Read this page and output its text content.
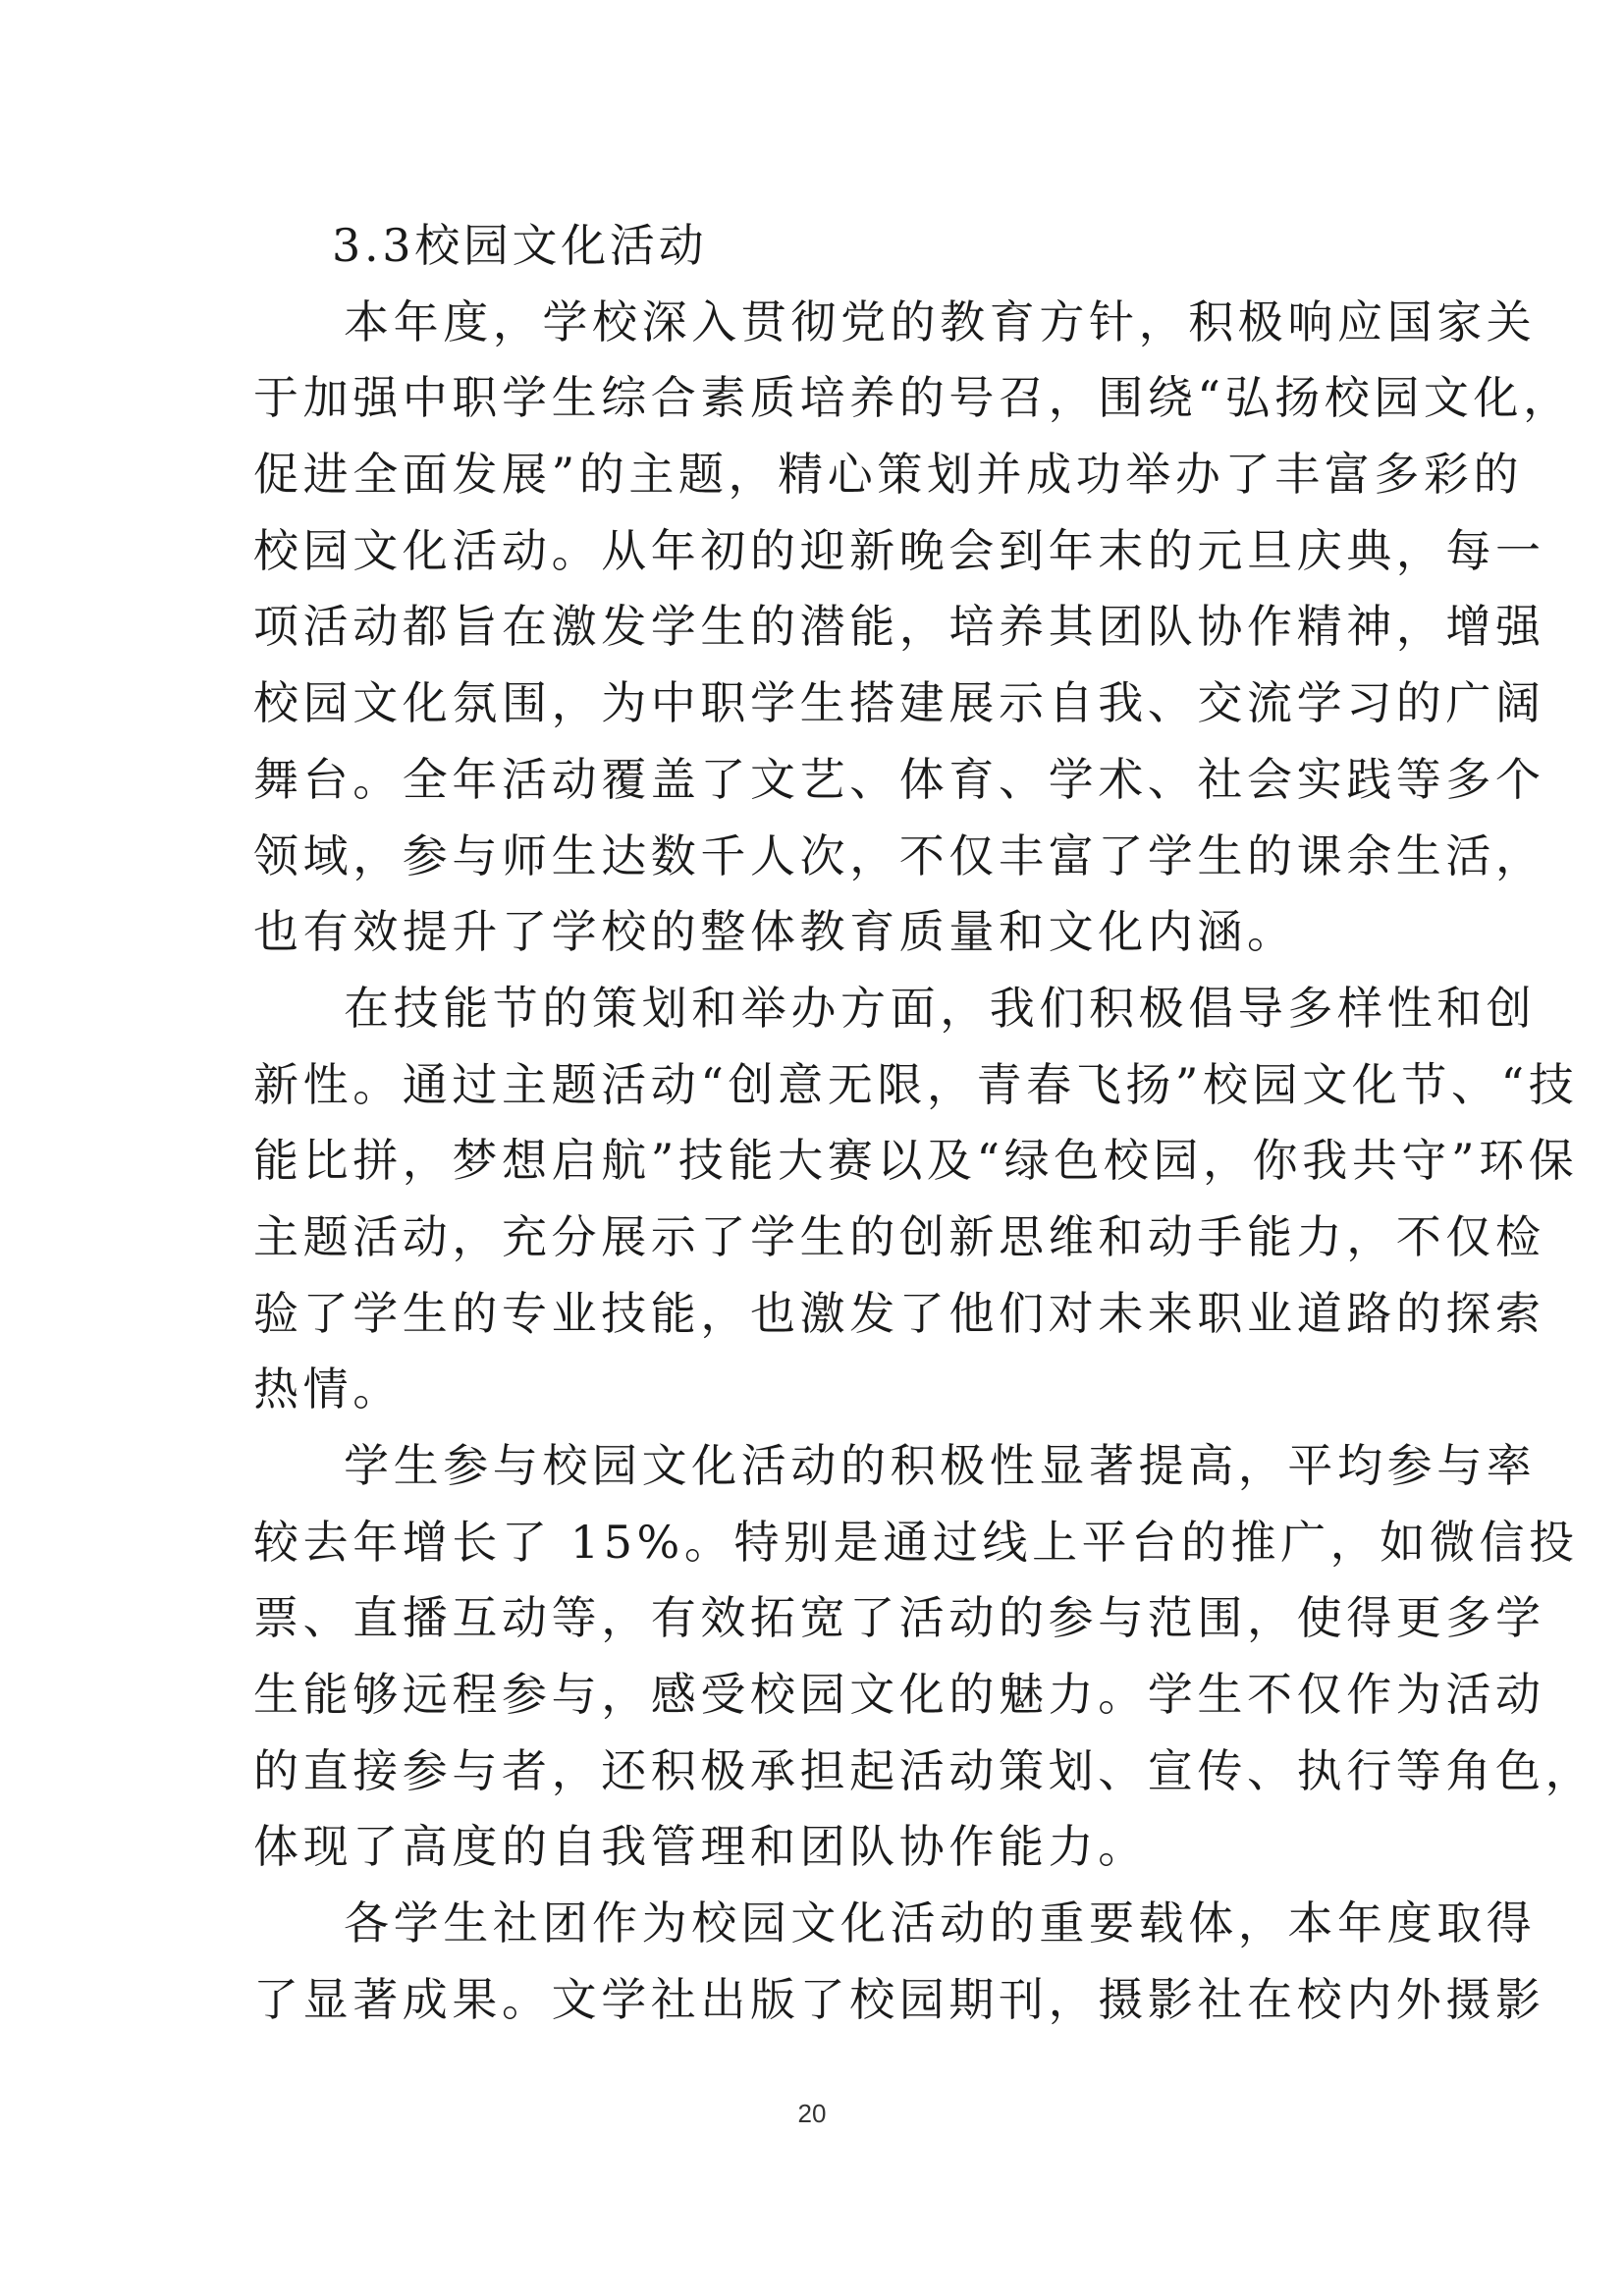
3.3校园文化活动
本年度，学校深入贯彻党的教育方针，积极响应国家关
于加强中职学生综合素质培养的号召，围绕“弘扬校园文化，
促进全面发展”的主题，精心策划并成功举办了丰富多彩的
校园文化活动。从年初的迎新晚会到年末的元旦庆典，每一
项活动都旨在激发学生的潜能，培养其团队协作精神，增强
校园文化氛围，为中职学生搭建展示自我、交流学习的广阔
舞台。全年活动覆盖了文艺、体育、学术、社会实践等多个
领域，参与师生达数千人次，不仅丰富了学生的课余生活，
也有效提升了学校的整体教育质量和文化内涵。
在技能节的策划和举办方面，我们积极倡导多样性和创
新性。通过主题活动“创意无限，青春飞扬”校园文化节、“技
能比拼，梦想启航”技能大赛以及“绿色校园，你我共守”环保
主题活动，充分展示了学生的创新思维和动手能力，不仅检
验了学生的专业技能，也激发了他们对未来职业道路的探索
热情。
学生参与校园文化活动的积极性显著提高，平均参与率
较去年增长了 15%。特别是通过线上平台的推广，如微信投
票、直播互动等，有效拓宽了活动的参与范围，使得更多学
生能够远程参与，感受校园文化的魅力。学生不仅作为活动
的直接参与者，还积极承担起活动策划、宣传、执行等角色，
体现了高度的自我管理和团队协作能力。
各学生社团作为校园文化活动的重要载体，本年度取得
了显著成果。文学社出版了校园期刊，摄影社在校内外摄影
20
